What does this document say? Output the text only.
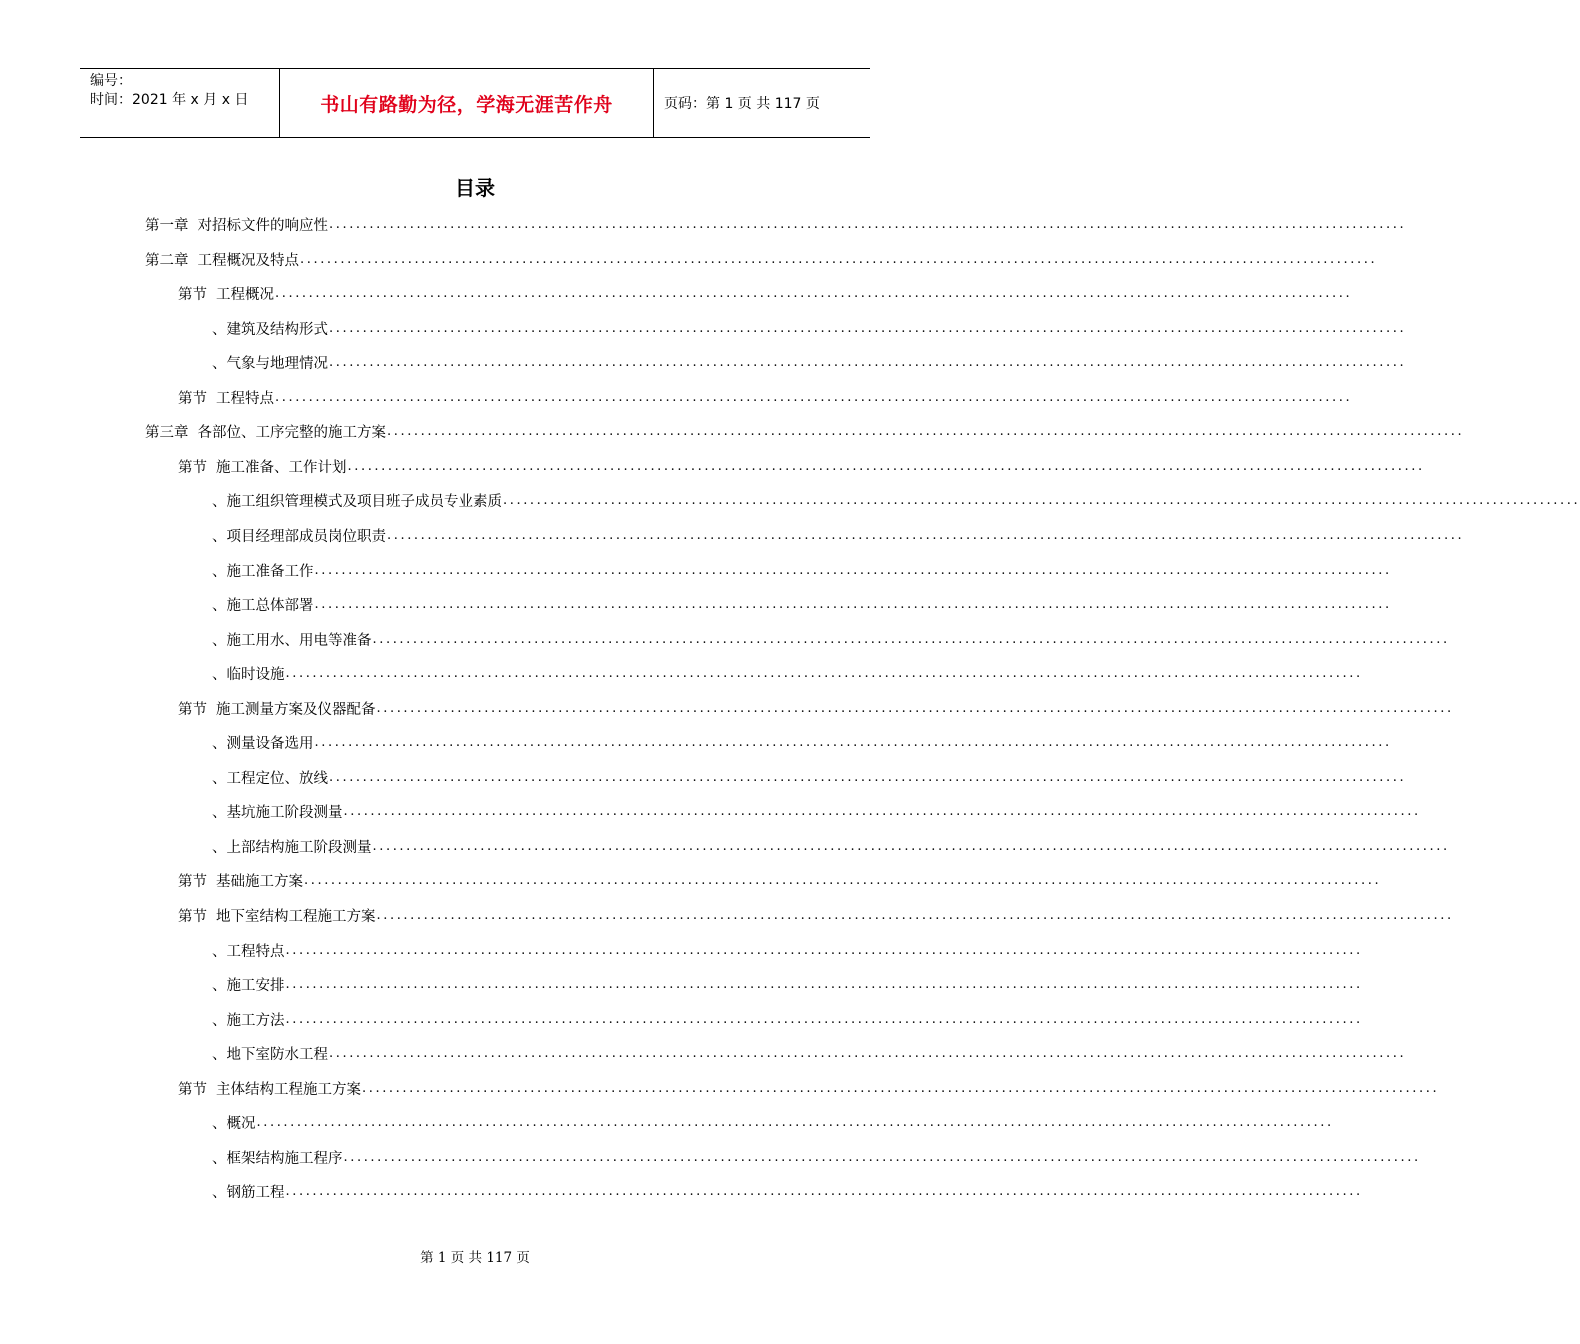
编号：
时间：2021 年 x 月 x 日	书山有路勤为径，学海无涯苦作舟	页码：第 1 页 共 117 页
目录
第一章 对招标文件的响应性 ................................................................................................................................................................
第二章 工程概况及特点 ................................................................................................................................................................
第节 工程概况 ................................................................................................................................................................
、 建筑及结构形式 ................................................................................................................................................................
、 气象与地理情况 ................................................................................................................................................................
第节 工程特点 ................................................................................................................................................................
第三章 各部位、工序完整的施工方案 ................................................................................................................................................................
第节 施工准备、工作计划 ................................................................................................................................................................
、 施工组织管理模式及项目班子成员专业素质 ................................................................................................................................................................
、 项目经理部成员岗位职责 ................................................................................................................................................................
、 施工准备工作 ................................................................................................................................................................
、 施工总体部署 ................................................................................................................................................................
、 施工用水、用电等准备 ................................................................................................................................................................
、 临时设施 ................................................................................................................................................................
第节 施工测量方案及仪器配备 ................................................................................................................................................................
、 测量设备选用 ................................................................................................................................................................
、 工程定位、放线 ................................................................................................................................................................
、 基坑施工阶段测量 ................................................................................................................................................................
、 上部结构施工阶段测量 ................................................................................................................................................................
第节 基础施工方案 ................................................................................................................................................................
第节 地下室结构工程施工方案 ................................................................................................................................................................
、 工程特点 ................................................................................................................................................................
、 施工安排 ................................................................................................................................................................
、 施工方法 ................................................................................................................................................................
、 地下室防水工程 ................................................................................................................................................................
第节 主体结构工程施工方案 ................................................................................................................................................................
、 概况 ................................................................................................................................................................
、 框架结构施工程序 ................................................................................................................................................................
、 钢筋工程 ................................................................................................................................................................
第 1 页 共 117 页
